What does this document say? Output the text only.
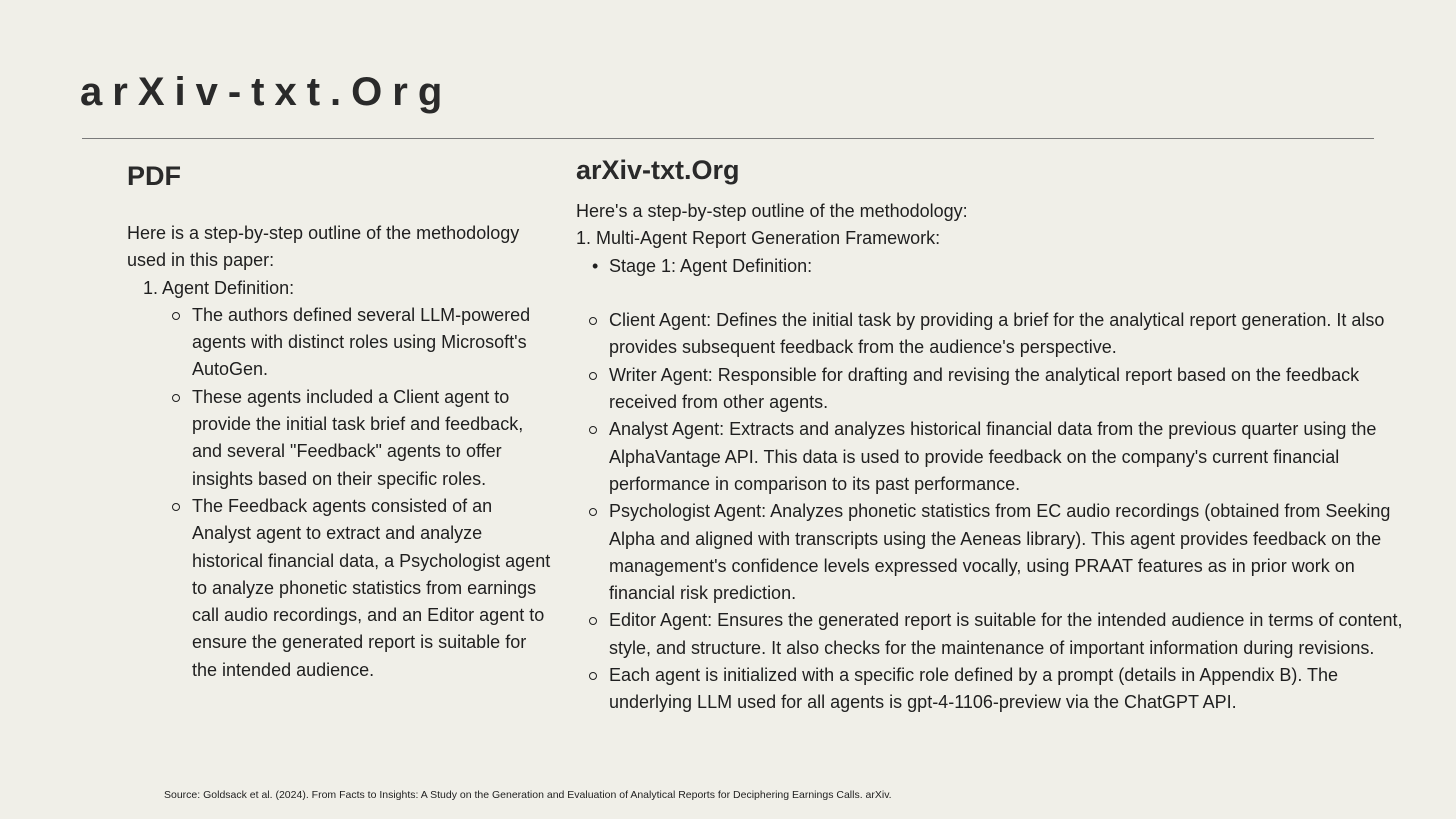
arXiv-txt.Org
PDF

Here is a step-by-step outline of the methodology used in this paper:

1. Agent Definition:
The authors defined several LLM-powered agents with distinct roles using Microsoft's AutoGen.
These agents included a Client agent to provide the initial task brief and feedback, and several "Feedback" agents to offer insights based on their specific roles.
The Feedback agents consisted of an Analyst agent to extract and analyze historical financial data, a Psychologist agent to analyze phonetic statistics from earnings call audio recordings, and an Editor agent to ensure the generated report is suitable for the intended audience.
arXiv-txt.Org

Here's a step-by-step outline of the methodology:

1. Multi-Agent Report Generation Framework:
• Stage 1: Agent Definition:
Client Agent: Defines the initial task by providing a brief for the analytical report generation. It also provides subsequent feedback from the audience's perspective.
Writer Agent: Responsible for drafting and revising the analytical report based on the feedback received from other agents.
Analyst Agent: Extracts and analyzes historical financial data from the previous quarter using the AlphaVantage API. This data is used to provide feedback on the company's current financial performance in comparison to its past performance.
Psychologist Agent: Analyzes phonetic statistics from EC audio recordings (obtained from Seeking Alpha and aligned with transcripts using the Aeneas library). This agent provides feedback on the management's confidence levels expressed vocally, using PRAAT features as in prior work on financial risk prediction.
Editor Agent: Ensures the generated report is suitable for the intended audience in terms of content, style, and structure. It also checks for the maintenance of important information during revisions.
Each agent is initialized with a specific role defined by a prompt (details in Appendix B). The underlying LLM used for all agents is gpt-4-1106-preview via the ChatGPT API.

Source: Goldsack et al. (2024). From Facts to Insights: A Study on the Generation and Evaluation of Analytical Reports for Deciphering Earnings Calls. arXiv.
